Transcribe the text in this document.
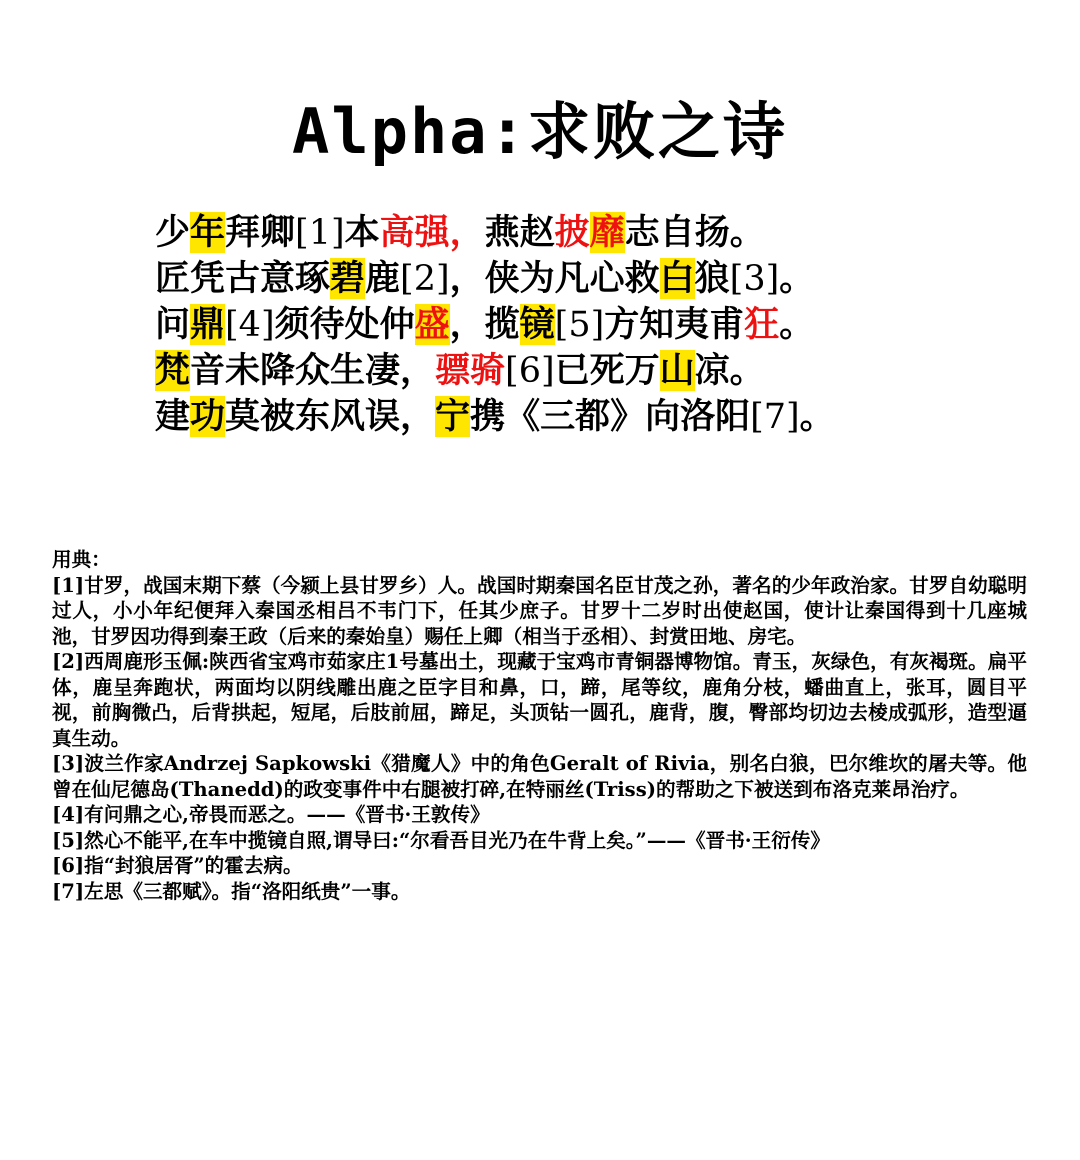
Alpha:求败之诗
少年拜卿[1]本高强，燕赵披靡志自扬。
匠凭古意琢碧鹿[2]，侠为凡心救白狼[3]。
问鼎[4]须待处仲盛，揽镜[5]方知夷甫狂。
梵音未降众生凄，骠骑[6]已死万山凉。
建功莫被东风误，宁携《三都》向洛阳[7]。

用典：

[1]甘罗，战国末期下蔡（今颍上县甘罗乡）人。战国时期秦国名臣甘茂之孙，著名的少年政治家。甘罗自幼聪明过人，小小年纪便拜入秦国丞相吕不韦门下，任其少庶子。甘罗十二岁时出使赵国，使计让秦国得到十几座城池，甘罗因功得到秦王政（后来的秦始皇）赐任上卿（相当于丞相）、封赏田地、房宅。

[2]西周鹿形玉佩:陕西省宝鸡市茹家庄1号墓出土，现藏于宝鸡市青铜器博物馆。青玉，灰绿色，有灰褐斑。扁平体，鹿呈奔跑状，两面均以阴线雕出鹿之臣字目和鼻，口，蹄，尾等纹，鹿角分枝，蟠曲直上，张耳，圆目平视，前胸微凸，后背拱起，短尾，后肢前屈，蹄足，头顶钻一圆孔，鹿背，腹，臀部均切边去棱成弧形，造型逼真生动。

[3]波兰作家Andrzej Sapkowski《猎魔人》中的角色Geralt of Rivia，别名白狼，巴尔维坎的屠夫等。他曾在仙尼德岛(Thanedd)的政变事件中右腿被打碎,在特丽丝(Triss)的帮助之下被送到布洛克莱昂治疗。

[4]有问鼎之心,帝畏而恶之。——《晋书·王敦传》

[5]然心不能平,在车中揽镜自照,谓导曰:“尔看吾目光乃在牛背上矣。”——《晋书·王衍传》

[6]指“封狼居胥”的霍去病。

[7]左思《三都赋》。指“洛阳纸贵”一事。
